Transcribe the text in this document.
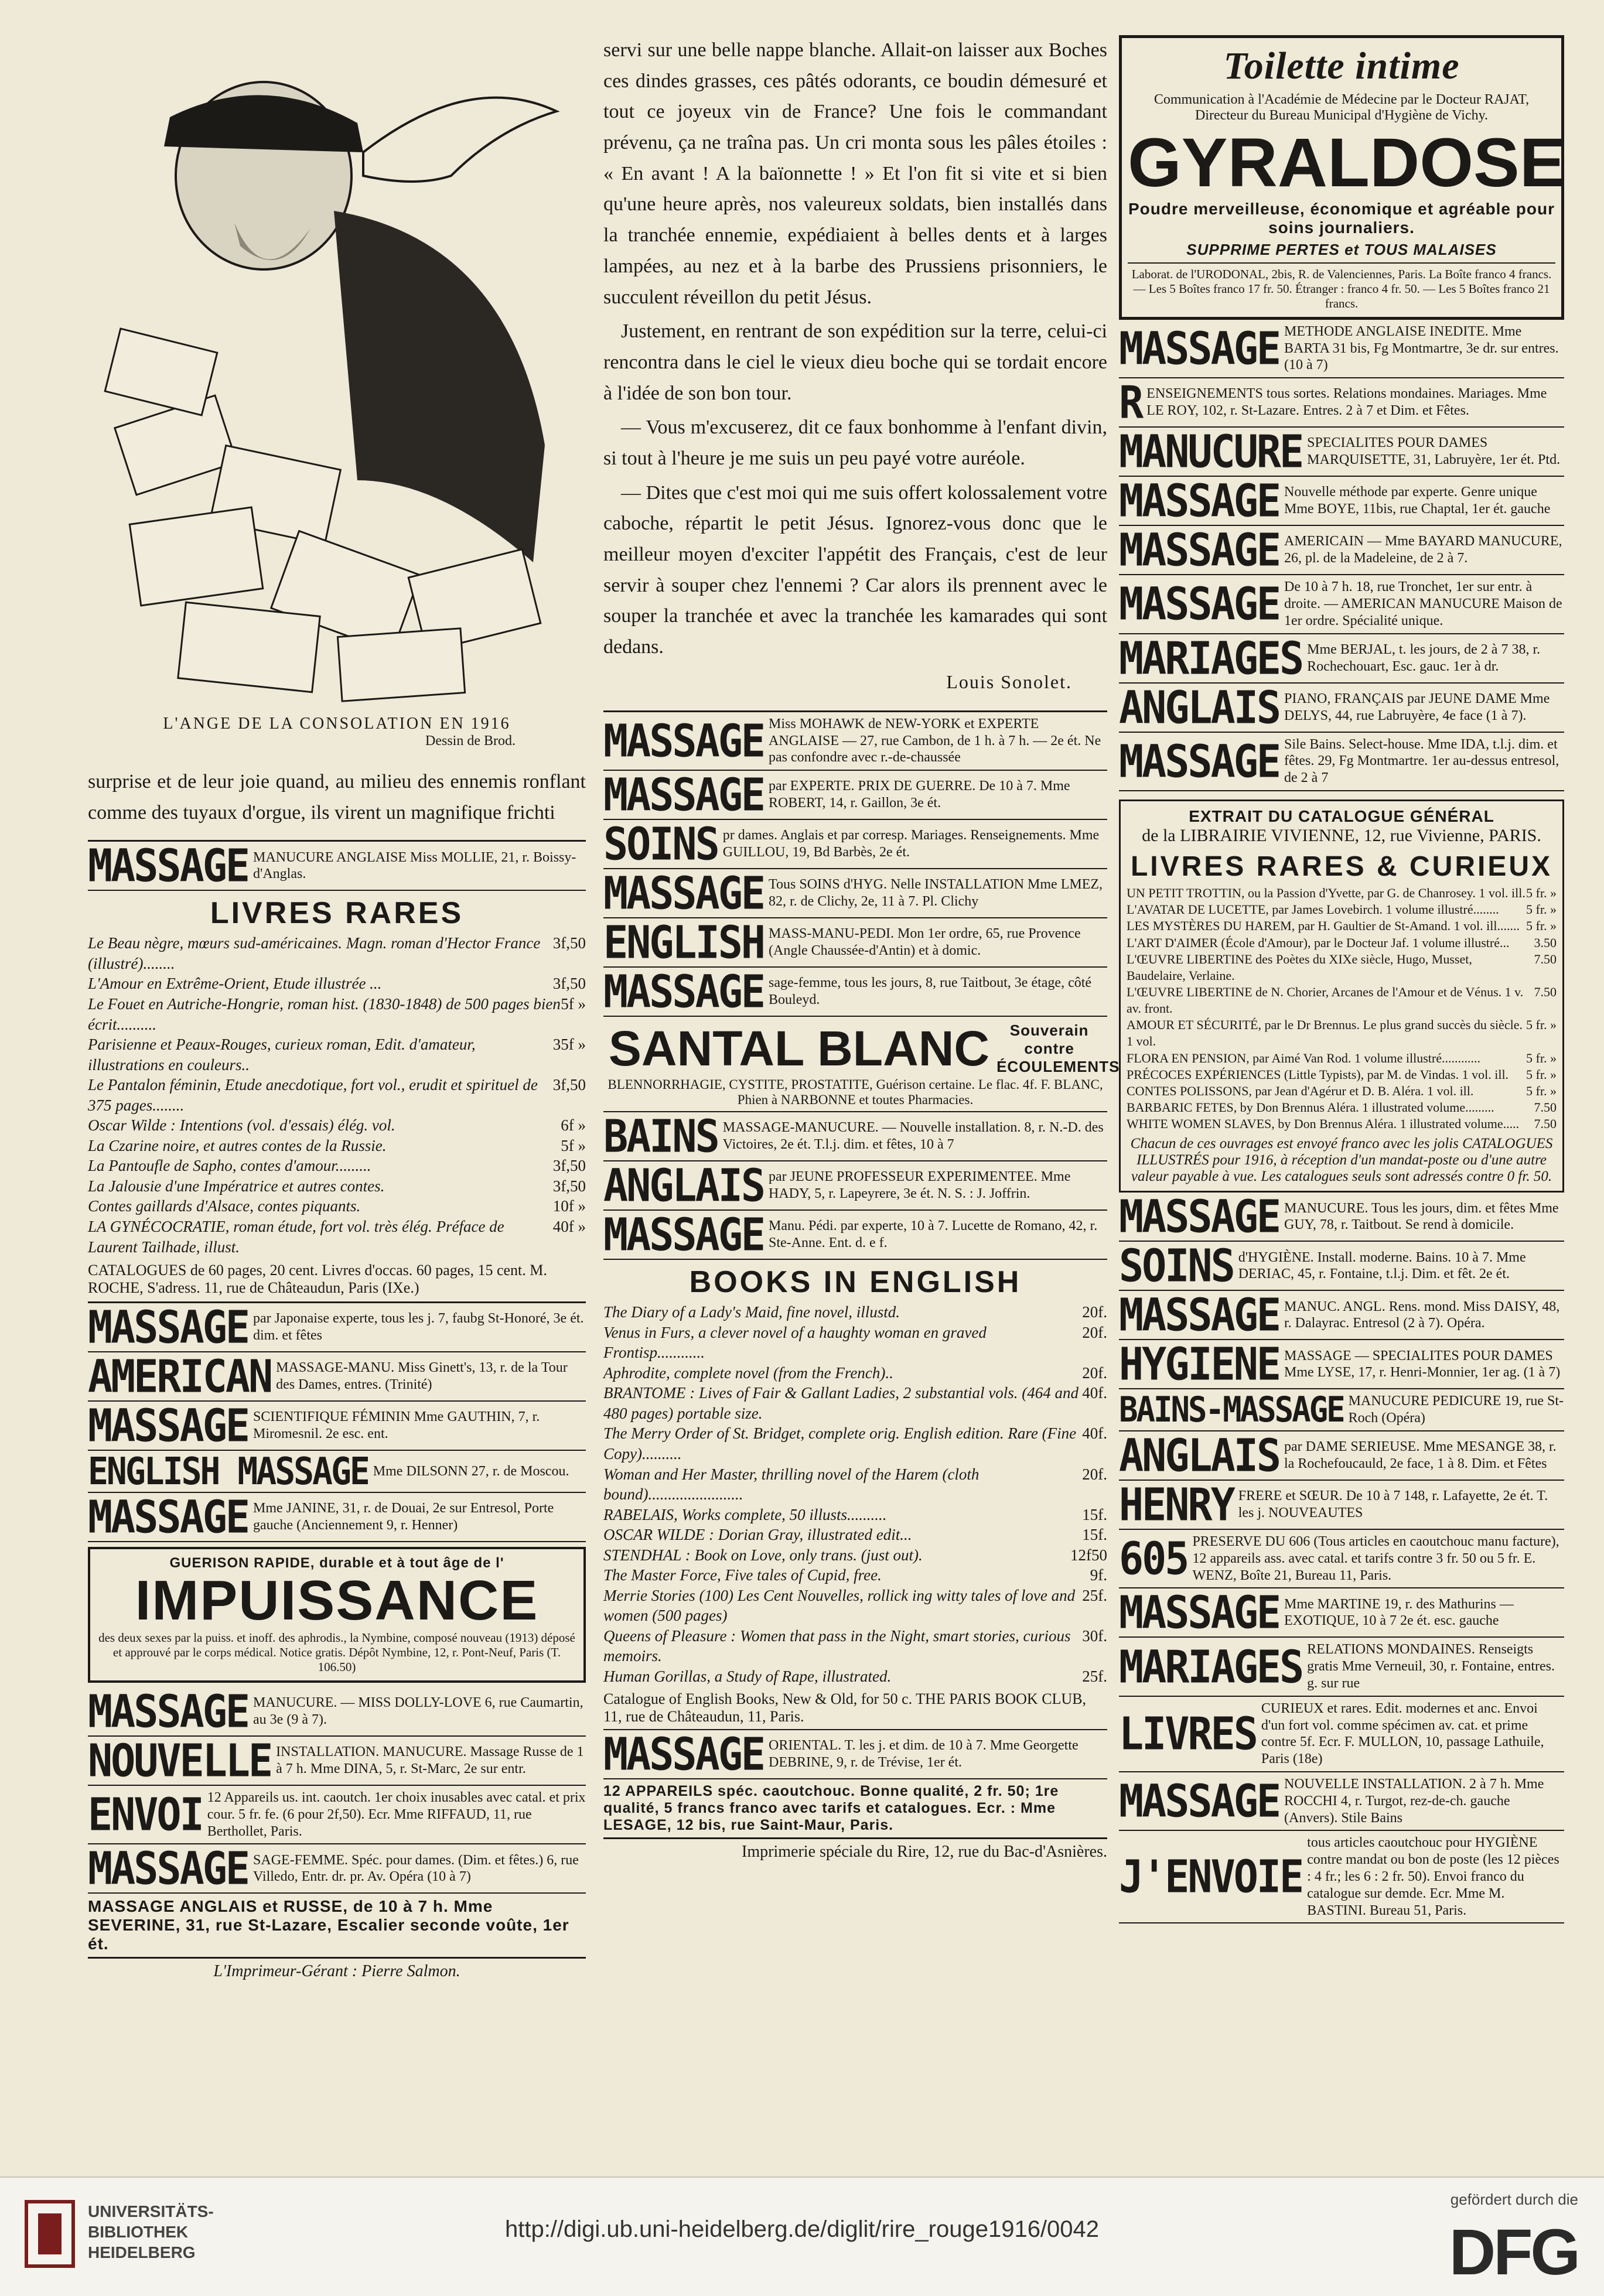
L'ANGE DE LA CONSOLATION EN 1916
Dessin de Brod.
surprise et de leur joie quand, au milieu des ennemis ronflant comme des tuyaux d'orgue, ils virent un magnifique frichti
MASSAGE MANUCURE ANGLAISE Miss MOLLIE, 21, r. Boissy-d'Anglas.
LIVRES RARES

3f,50
Le Beau nègre, mœurs sud-américaines. Magn. roman d'Hector France (illustré)........

3f,50
L'Amour en Extrême-Orient, Etude illustrée ...

5f »
Le Fouet en Autriche-Hongrie, roman hist. (1830-1848) de 500 pages bien écrit..........

35f »
Parisienne et Peaux-Rouges, curieux roman, Edit. d'amateur, illustrations en couleurs..

3f,50
Le Pantalon féminin, Etude anecdotique, fort vol., erudit et spirituel de 375 pages........

6f »
Oscar Wilde : Intentions (vol. d'essais) élég. vol.

5f »
La Czarine noire, et autres contes de la Russie.

3f,50
La Pantoufle de Sapho, contes d'amour.........

3f,50
La Jalousie d'une Impératrice et autres contes.

10f »
Contes gaillards d'Alsace, contes piquants.

40f »
LA GYNÉCOCRATIE, roman étude, fort vol. très élég. Préface de Laurent Tailhade, illust.

CATALOGUES de 60 pages, 20 cent. Livres d'occas. 60 pages, 15 cent. M. ROCHE, S'adress. 11, rue de Châteaudun, Paris (IXe.)
MASSAGE par Japonaise experte, tous les j. 7, faubg St-Honoré, 3e ét. dim. et fêtes
AMERICAN MASSAGE-MANU. Miss Ginett's, 13, r. de la Tour des Dames, entres. (Trinité)
MASSAGE SCIENTIFIQUE FÉMININ Mme GAUTHIN, 7, r. Miromesnil. 2e esc. ent.
ENGLISH MASSAGE Mme DILSONN 27, r. de Moscou.
MASSAGE Mme JANINE, 31, r. de Douai, 2e sur Entresol, Porte gauche (Anciennement 9, r. Henner)
GUERISON RAPIDE, durable et à tout âge de l'
IMPUISSANCE
des deux sexes par la puiss. et inoff. des aphrodis., la Nymbine, composé nouveau (1913) déposé et approuvé par le corps médical. Notice gratis. Dépôt Nymbine, 12, r. Pont-Neuf, Paris (T. 106.50)
MASSAGE MANUCURE. — MISS DOLLY-LOVE 6, rue Caumartin, au 3e (9 à 7).
NOUVELLE INSTALLATION. MANUCURE. Massage Russe de 1 à 7 h. Mme DINA, 5, r. St-Marc, 2e sur entr.
ENVOI 12 Appareils us. int. caoutch. 1er choix inusables avec catal. et prix cour. 5 fr. fe. (6 pour 2f,50). Ecr. Mme RIFFAUD, 11, rue Berthollet, Paris.
MASSAGE SAGE-FEMME. Spéc. pour dames. (Dim. et fêtes.) 6, rue Villedo, Entr. dr. pr. Av. Opéra (10 à 7)
MASSAGE ANGLAIS et RUSSE, de 10 à 7 h. Mme SEVERINE, 31, rue St-Lazare, Escalier seconde voûte, 1er ét.
L'Imprimeur-Gérant : Pierre Salmon.

servi sur une belle nappe blanche. Allait-on laisser aux Boches ces dindes grasses, ces pâtés odorants, ce boudin démesuré et tout ce joyeux vin de France? Une fois le commandant prévenu, ça ne traîna pas. Un cri monta sous les pâles étoiles : « En avant ! A la baïonnette ! » Et l'on fit si vite et si bien qu'une heure après, nos valeureux soldats, bien installés dans la tranchée ennemie, expédiaient à belles dents et à larges lampées, au nez et à la barbe des Prussiens prisonniers, le succulent réveillon du petit Jésus.

Justement, en rentrant de son expédition sur la terre, celui-ci rencontra dans le ciel le vieux dieu boche qui se tordait encore à l'idée de son bon tour.

— Vous m'excuserez, dit ce faux bonhomme à l'enfant divin, si tout à l'heure je me suis un peu payé votre auréole.

— Dites que c'est moi qui me suis offert kolossalement votre caboche, répartit le petit Jésus. Ignorez-vous donc que le meilleur moyen d'exciter l'appétit des Français, c'est de leur servir à souper chez l'ennemi ? Car alors ils prennent avec le souper la tranchée et avec la tranchée les kamarades qui sont dedans.

Louis Sonolet.
MASSAGE Miss MOHAWK de NEW-YORK et EXPERTE ANGLAISE — 27, rue Cambon, de 1 h. à 7 h. — 2e ét. Ne pas confondre avec r.-de-chaussée
MASSAGE par EXPERTE. PRIX DE GUERRE. De 10 à 7. Mme ROBERT, 14, r. Gaillon, 3e ét.
SOINS pr dames. Anglais et par corresp. Mariages. Renseignements. Mme GUILLOU, 19, Bd Barbès, 2e ét.
MASSAGE Tous SOINS d'HYG. Nelle INSTALLATION Mme LMEZ, 82, r. de Clichy, 2e, 11 à 7. Pl. Clichy
ENGLISH MASS-MANU-PEDI. Mon 1er ordre, 65, rue Provence (Angle Chaussée-d'Antin) et à domic.
MASSAGE sage-femme, tous les jours, 8, rue Taitbout, 3e étage, côté Bouleyd.
SANTAL BLANC	Souverain contre ÉCOULEMENTS
BLENNORRHAGIE, CYSTITE, PROSTATITE, Guérison certaine. Le flac. 4f. F. BLANC, Phien à NARBONNE et toutes Pharmacies.
BAINS MASSAGE-MANUCURE. — Nouvelle installation. 8, r. N.-D. des Victoires, 2e ét. T.l.j. dim. et fêtes, 10 à 7
ANGLAIS par JEUNE PROFESSEUR EXPERIMENTEE. Mme HADY, 5, r. Lapeyrere, 3e ét. N. S. : J. Joffrin.
MASSAGE Manu. Pédi. par experte, 10 à 7. Lucette de Romano, 42, r. Ste-Anne. Ent. d. e f.
BOOKS IN ENGLISH

20f.
The Diary of a Lady's Maid, fine novel, illustd.

20f.
Venus in Furs, a clever novel of a haughty woman en graved Frontisp............

20f.
Aphrodite, complete novel (from the French)..

40f.
BRANTOME : Lives of Fair & Gallant Ladies, 2 substantial vols. (464 and 480 pages) portable size.

40f.
The Merry Order of St. Bridget, complete orig. English edition. Rare (Fine Copy)..........

20f.
Woman and Her Master, thrilling novel of the Harem (cloth bound)........................

15f.
RABELAIS, Works complete, 50 illusts..........

15f.
OSCAR WILDE : Dorian Gray, illustrated edit...

12f50
STENDHAL : Book on Love, only trans. (just out).

9f.
The Master Force, Five tales of Cupid, free.

25f.
Merrie Stories (100) Les Cent Nouvelles, rollick ing witty tales of love and women (500 pages)

30f.
Queens of Pleasure : Women that pass in the Night, smart stories, curious memoirs.

25f.
Human Gorillas, a Study of Rape, illustrated.

Catalogue of English Books, New & Old, for 50 c. THE PARIS BOOK CLUB, 11, rue de Châteaudun, 11, Paris.
MASSAGE ORIENTAL. T. les j. et dim. de 10 à 7. Mme Georgette DEBRINE, 9, r. de Trévise, 1er ét.
12 APPAREILS spéc. caoutchouc. Bonne qualité, 2 fr. 50; 1re qualité, 5 francs franco avec tarifs et catalogues. Ecr. : Mme LESAGE, 12 bis, rue Saint-Maur, Paris.
Imprimerie spéciale du Rire, 12, rue du Bac-d'Asnières.
Toilette intime
Communication à l'Académie de Médecine par le Docteur RAJAT, Directeur du Bureau Municipal d'Hygiène de Vichy.
GYRALDOSE
Poudre merveilleuse, économique et agréable pour soins journaliers.
SUPPRIME PERTES et TOUS MALAISES
Laborat. de l'URODONAL, 2bis, R. de Valenciennes, Paris. La Boîte franco 4 francs. — Les 5 Boîtes franco 17 fr. 50. Étranger : franco 4 fr. 50. — Les 5 Boîtes franco 21 francs.
MASSAGE METHODE ANGLAISE INEDITE. Mme BARTA 31 bis, Fg Montmartre, 3e dr. sur entres. (10 à 7)
R ENSEIGNEMENTS tous sortes. Relations mondaines. Mariages. Mme LE ROY, 102, r. St-Lazare. Entres. 2 à 7 et Dim. et Fêtes.
MANUCURE SPECIALITES POUR DAMES MARQUISETTE, 31, Labruyère, 1er ét. Ptd.
MASSAGE Nouvelle méthode par experte. Genre unique Mme BOYE, 11bis, rue Chaptal, 1er ét. gauche
MASSAGE AMERICAIN — Mme BAYARD MANUCURE, 26, pl. de la Madeleine, de 2 à 7.
MASSAGE De 10 à 7 h. 18, rue Tronchet, 1er sur entr. à droite. — AMERICAN MANUCURE Maison de 1er ordre. Spécialité unique.
MARIAGES Mme BERJAL, t. les jours, de 2 à 7 38, r. Rochechouart, Esc. gauc. 1er à dr.
ANGLAIS PIANO, FRANÇAIS par JEUNE DAME Mme DELYS, 44, rue Labruyère, 4e face (1 à 7).
MASSAGE Sile Bains. Select-house. Mme IDA, t.l.j. dim. et fêtes. 29, Fg Montmartre. 1er au-dessus entresol, de 2 à 7
EXTRAIT DU CATALOGUE GÉNÉRAL
de la LIBRAIRIE VIVIENNE, 12, rue Vivienne, PARIS.
LIVRES RARES & CURIEUX

5 fr. »
UN PETIT TROTTIN, ou la Passion d'Yvette, par G. de Chanrosey. 1 vol. ill.

5 fr. »
L'AVATAR DE LUCETTE, par James Lovebirch. 1 volume illustré........

5 fr. »
LES MYSTÈRES DU HAREM, par H. Gaultier de St-Amand. 1 vol. ill.......

3.50
L'ART D'AIMER (École d'Amour), par le Docteur Jaf. 1 volume illustré...

7.50
L'ŒUVRE LIBERTINE des Poètes du XIXe siècle, Hugo, Musset, Baudelaire, Verlaine.

7.50
L'ŒUVRE LIBERTINE de N. Chorier, Arcanes de l'Amour et de Vénus. 1 v. av. front.

5 fr. »
AMOUR ET SÉCURITÉ, par le Dr Brennus. Le plus grand succès du siècle. 1 vol.

5 fr. »
FLORA EN PENSION, par Aimé Van Rod. 1 volume illustré............

5 fr. »
PRÉCOCES EXPÉRIENCES (Little Typists), par M. de Vindas. 1 vol. ill.

5 fr. »
CONTES POLISSONS, par Jean d'Agérur et D. B. Aléra. 1 vol. ill.

7.50
BARBARIC FETES, by Don Brennus Aléra. 1 illustrated volume.........

7.50
WHITE WOMEN SLAVES, by Don Brennus Aléra. 1 illustrated volume.....

Chacun de ces ouvrages est envoyé franco avec les jolis CATALOGUES ILLUSTRÉS pour 1916, à réception d'un mandat-poste ou d'une autre valeur payable à vue. Les catalogues seuls sont adressés contre 0 fr. 50.
MASSAGE MANUCURE. Tous les jours, dim. et fêtes Mme GUY, 78, r. Taitbout. Se rend à domicile.
SOINS d'HYGIÈNE. Install. moderne. Bains. 10 à 7. Mme DERIAC, 45, r. Fontaine, t.l.j. Dim. et fêt. 2e ét.
MASSAGE MANUC. ANGL. Rens. mond. Miss DAISY, 48, r. Dalayrac. Entresol (2 à 7). Opéra.
HYGIENE MASSAGE — SPECIALITES POUR DAMES Mme LYSE, 17, r. Henri-Monnier, 1er ag. (1 à 7)
BAINS-MASSAGE MANUCURE PEDICURE 19, rue St-Roch (Opéra)
ANGLAIS par DAME SERIEUSE. Mme MESANGE 38, r. la Rochefoucauld, 2e face, 1 à 8. Dim. et Fêtes
HENRY FRERE et SŒUR. De 10 à 7 148, r. Lafayette, 2e ét. T. les j. NOUVEAUTES
605 PRESERVE DU 606 (Tous articles en caoutchouc manu facture), 12 appareils ass. avec catal. et tarifs contre 3 fr. 50 ou 5 fr. E. WENZ, Boîte 21, Bureau 11, Paris.
MASSAGE Mme MARTINE 19, r. des Mathurins — EXOTIQUE, 10 à 7 2e ét. esc. gauche
MARIAGES RELATIONS MONDAINES. Renseigts gratis Mme Verneuil, 30, r. Fontaine, entres. g. sur rue
LIVRES CURIEUX et rares. Edit. modernes et anc. Envoi d'un fort vol. comme spécimen av. cat. et prime contre 5f. Ecr. F. MULLON, 10, passage Lathuile, Paris (18e)
MASSAGE NOUVELLE INSTALLATION. 2 à 7 h. Mme ROCCHI 4, r. Turgot, rez-de-ch. gauche (Anvers). Stile Bains
J'ENVOIE
tous articles caoutchouc pour HYGIÈNE contre mandat ou bon de poste (les 12 pièces : 4 fr.; les 6 : 2 fr. 50). Envoi franco du catalogue sur demde. Ecr. Mme M. BASTINI. Bureau 51, Paris.
UNIVERSITÄTS-
BIBLIOTHEK
HEIDELBERG
http://digi.ub.uni-heidelberg.de/diglit/rire_rouge1916/0042
gefördert durch die
DFG
